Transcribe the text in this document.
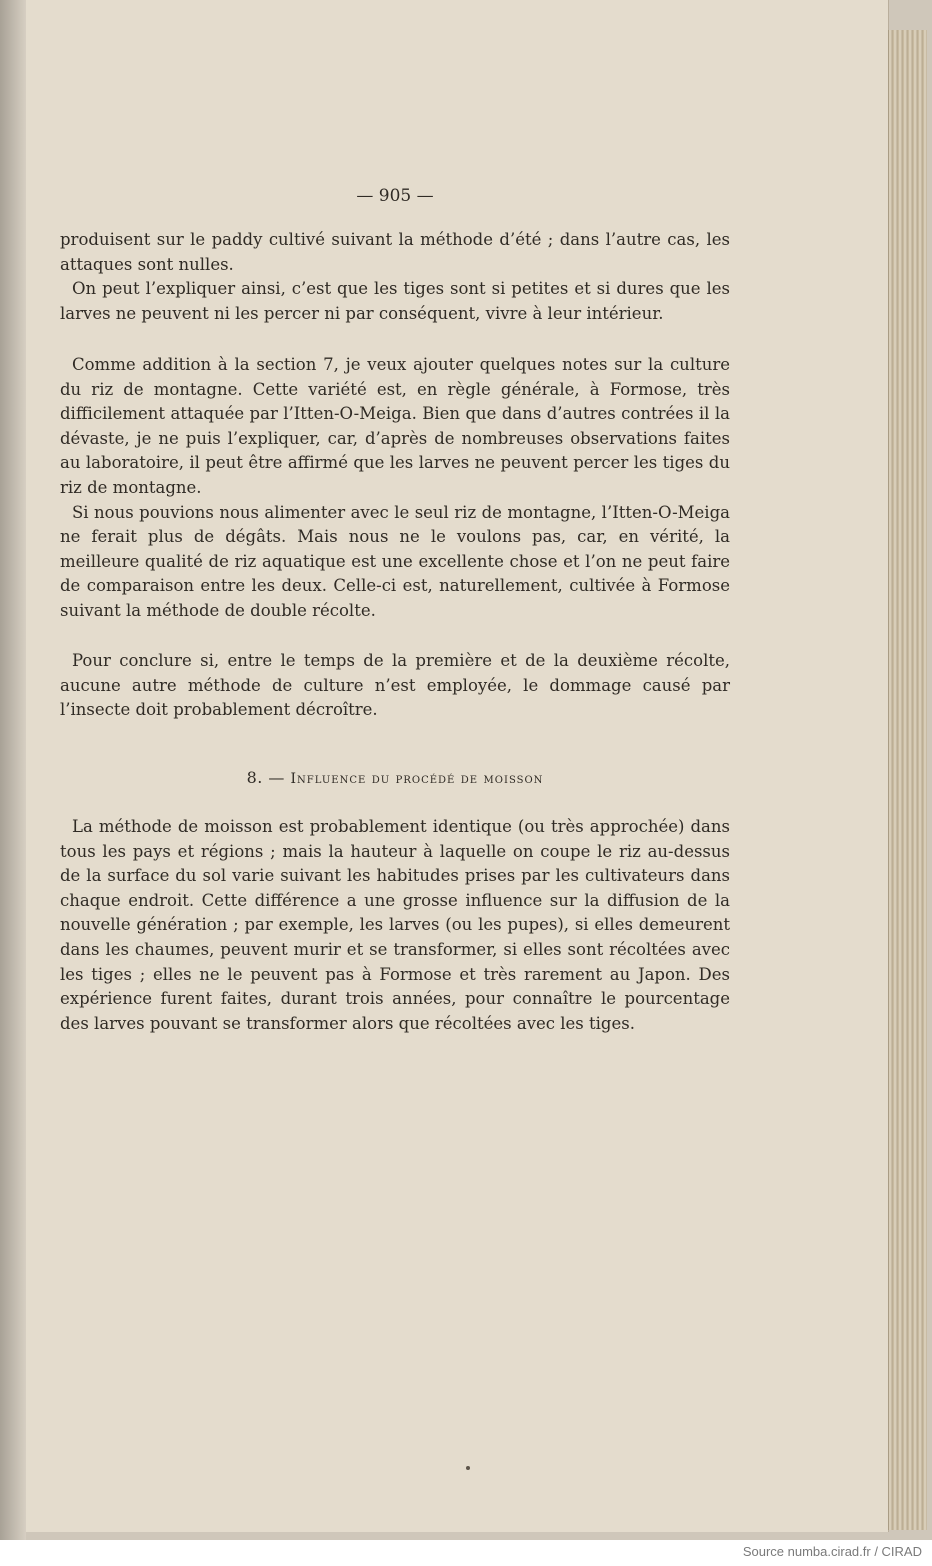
— 905 —

produisent sur le paddy cultivé suivant la méthode d’été ; dans l’autre cas, les attaques sont nulles.

On peut l’expliquer ainsi, c’est que les tiges sont si petites et si dures que les larves ne peuvent ni les percer ni par conséquent, vivre à leur intérieur.

Comme addition à la section 7, je veux ajouter quelques notes sur la culture du riz de montagne. Cette variété est, en règle générale, à Formose, très difficilement attaquée par l’Itten-O-Meiga. Bien que dans d’autres contrées il la dévaste, je ne puis l’expliquer, car, d’après de nombreuses observations faites au laboratoire, il peut être affirmé que les larves ne peuvent percer les tiges du riz de montagne.

Si nous pouvions nous alimenter avec le seul riz de montagne, l’Itten-O-Meiga ne ferait plus de dégâts. Mais nous ne le voulons pas, car, en vérité, la meilleure qualité de riz aquatique est une excellente chose et l’on ne peut faire de comparaison entre les deux. Celle-ci est, naturellement, cultivée à Formose suivant la méthode de double récolte.

Pour conclure si, entre le temps de la première et de la deuxième récolte, aucune autre méthode de culture n’est employée, le dommage causé par l’insecte doit probablement décroître.

8. — Influence du procédé de moisson

La méthode de moisson est probablement identique (ou très approchée) dans tous les pays et régions ; mais la hauteur à laquelle on coupe le riz au-dessus de la surface du sol varie suivant les habitudes prises par les cultivateurs dans chaque endroit. Cette différence a une grosse influence sur la diffusion de la nouvelle génération ; par exemple, les larves (ou les pupes), si elles demeurent dans les chaumes, peuvent murir et se transformer, si elles sont récoltées avec les tiges ; elles ne le peuvent pas à Formose et très rarement au Japon. Des expérience furent faites, durant trois années, pour connaître le pourcentage des larves pouvant se transformer alors que récoltées avec les tiges.

Source numba.cirad.fr / CIRAD
